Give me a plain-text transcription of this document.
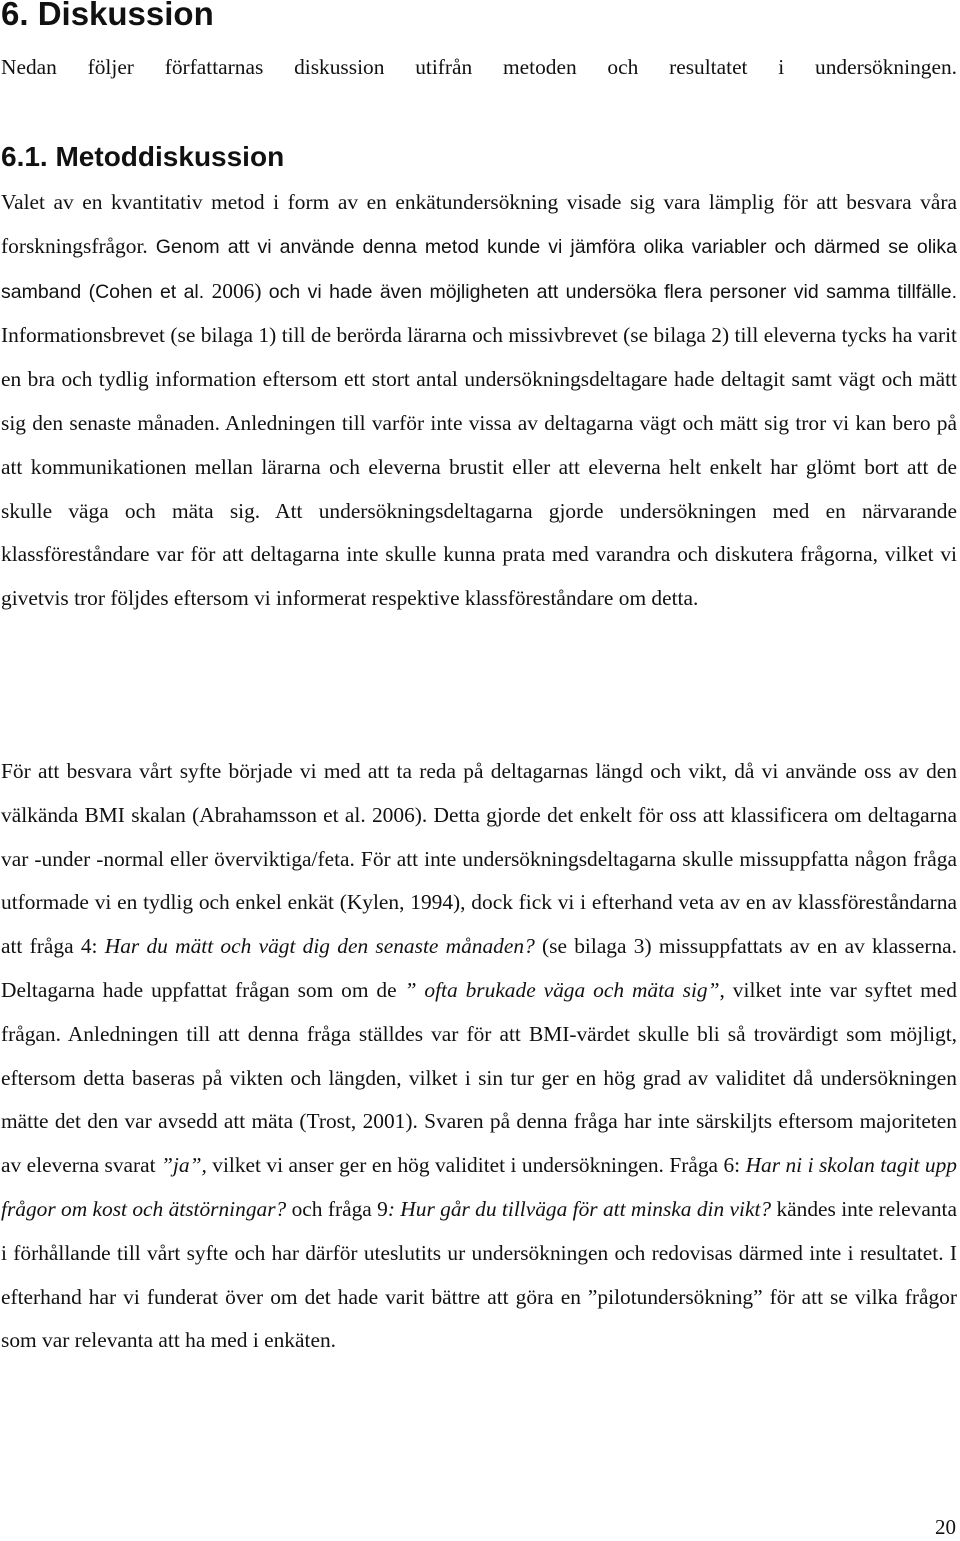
6. Diskussion

Nedan följer författarnas diskussion utifrån metoden och resultatet i undersökningen.

6.1. Metoddiskussion

Valet av en kvantitativ metod i form av en enkätundersökning visade sig vara lämplig för att besvara våra forskningsfrågor. Genom att vi använde denna metod kunde vi jämföra olika variabler och därmed se olika samband (Cohen et al. 2006) och vi hade även möjligheten att undersöka flera personer vid samma tillfälle. Informationsbrevet (se bilaga 1) till de berörda lärarna och missivbrevet (se bilaga 2) till eleverna tycks ha varit en bra och tydlig information eftersom ett stort antal undersökningsdeltagare hade deltagit samt vägt och mätt sig den senaste månaden. Anledningen till varför inte vissa av deltagarna vägt och mätt sig tror vi kan bero på att kommunikationen mellan lärarna och eleverna brustit eller att eleverna helt enkelt har glömt bort att de skulle väga och mäta sig. Att undersökningsdeltagarna gjorde undersökningen med en närvarande klassföreståndare var för att deltagarna inte skulle kunna prata med varandra och diskutera frågorna, vilket vi givetvis tror följdes eftersom vi informerat respektive klassföreståndare om detta.

För att besvara vårt syfte började vi med att ta reda på deltagarnas längd och vikt, då vi använde oss av den välkända BMI skalan (Abrahamsson et al. 2006). Detta gjorde det enkelt för oss att klassificera om deltagarna var -under -normal eller överviktiga/feta. För att inte undersökningsdeltagarna skulle missuppfatta någon fråga utformade vi en tydlig och enkel enkät (Kylen, 1994), dock fick vi i efterhand veta av en av klassföreståndarna att fråga 4: Har du mätt och vägt dig den senaste månaden? (se bilaga 3) missuppfattats av en av klasserna. Deltagarna hade uppfattat frågan som om de ” ofta brukade väga och mäta sig”, vilket inte var syftet med frågan. Anledningen till att denna fråga ställdes var för att BMI-värdet skulle bli så trovärdigt som möjligt, eftersom detta baseras på vikten och längden, vilket i sin tur ger en hög grad av validitet då undersökningen mätte det den var avsedd att mäta (Trost, 2001). Svaren på denna fråga har inte särskiljts eftersom majoriteten av eleverna svarat ”ja”, vilket vi anser ger en hög validitet i undersökningen. Fråga 6: Har ni i skolan tagit upp frågor om kost och ätstörningar? och fråga 9: Hur går du tillväga för att minska din vikt? kändes inte relevanta i förhållande till vårt syfte och har därför uteslutits ur undersökningen och redovisas därmed inte i resultatet. I efterhand har vi funderat över om det hade varit bättre att göra en ”pilotundersökning” för att se vilka frågor som var relevanta att ha med i enkäten.

20
